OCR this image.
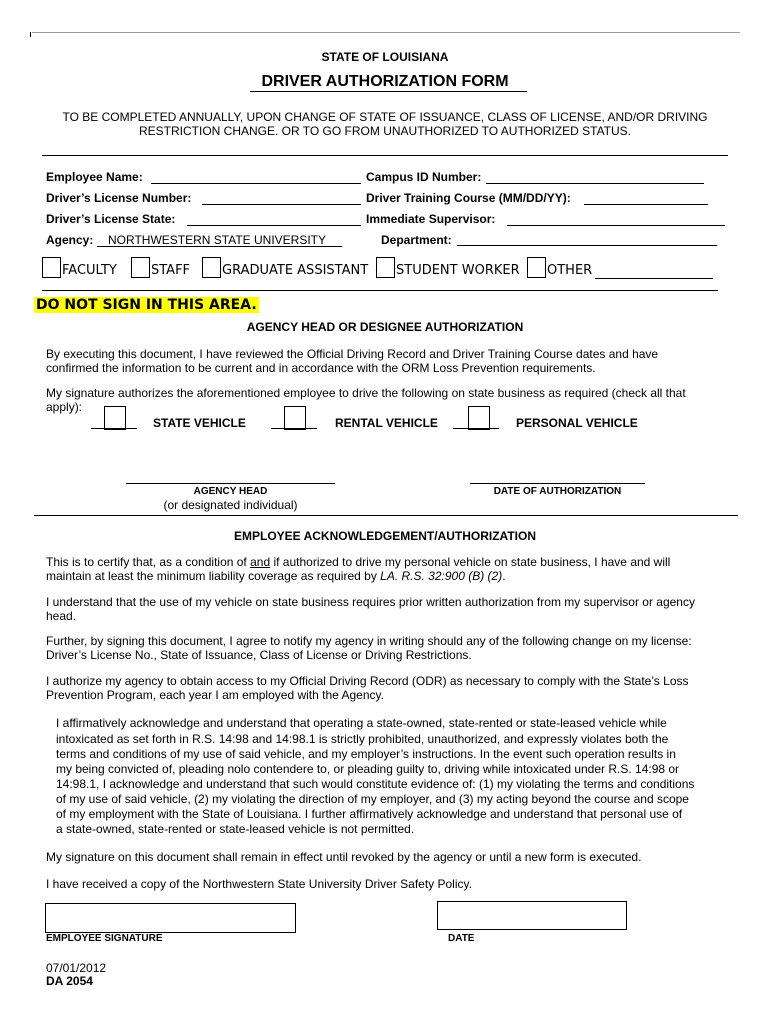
STATE OF LOUISIANA
DRIVER AUTHORIZATION FORM
TO BE COMPLETED ANNUALLY, UPON CHANGE OF STATE OF ISSUANCE, CLASS OF LICENSE, AND/OR DRIVING
RESTRICTION CHANGE. OR TO GO FROM UNAUTHORIZED TO AUTHORIZED STATUS.
Employee Name:	Campus ID Number:
Driver’s License Number:	Driver Training Course (MM/DD/YY):
Driver’s License State:	Immediate Supervisor:
Agency: NORTHWESTERN STATE UNIVERSITY	Department:
FACULTY	STAFF GRADUATE ASSISTANT STUDENT WORKER OTHER
DO NOT SIGN IN THIS AREA.
AGENCY HEAD OR DESIGNEE AUTHORIZATION
By executing this document, I have reviewed the Official Driving Record and Driver Training Course dates and have
confirmed the information to be current and in accordance with the ORM Loss Prevention requirements.
My signature authorizes the aforementioned employee to drive the following on state business as required (check all that
apply):
STATE VEHICLE	RENTAL VEHICLE	PERSONAL VEHICLE
AGENCY HEAD
(or designated individual)
DATE OF AUTHORIZATION
EMPLOYEE ACKNOWLEDGEMENT/AUTHORIZATION
This is to certify that, as a condition of and if authorized to drive my personal vehicle on state business, I have and will
maintain at least the minimum liability coverage as required by LA. R.S. 32:900 (B) (2).
I understand that the use of my vehicle on state business requires prior written authorization from my supervisor or agency
head.
Further, by signing this document, I agree to notify my agency in writing should any of the following change on my license:
Driver’s License No., State of Issuance, Class of License or Driving Restrictions.
I authorize my agency to obtain access to my Official Driving Record (ODR) as necessary to comply with the State’s Loss
Prevention Program, each year I am employed with the Agency.
I affirmatively acknowledge and understand that operating a state-owned, state-rented or state-leased vehicle while
intoxicated as set forth in R.S. 14:98 and 14:98.1 is strictly prohibited, unauthorized, and expressly violates both the
terms and conditions of my use of said vehicle, and my employer’s instructions. In the event such operation results in
my being convicted of, pleading nolo contendere to, or pleading guilty to, driving while intoxicated under R.S. 14:98 or
14:98.1, I acknowledge and understand that such would constitute evidence of: (1) my violating the terms and conditions
of my use of said vehicle, (2) my violating the direction of my employer, and (3) my acting beyond the course and scope
of my employment with the State of Louisiana. I further affirmatively acknowledge and understand that personal use of
a state-owned, state-rented or state-leased vehicle is not permitted.
My signature on this document shall remain in effect until revoked by the agency or until a new form is executed.
I have received a copy of the Northwestern State University Driver Safety Policy.
EMPLOYEE SIGNATURE	DATE
07/01/2012
DA 2054
